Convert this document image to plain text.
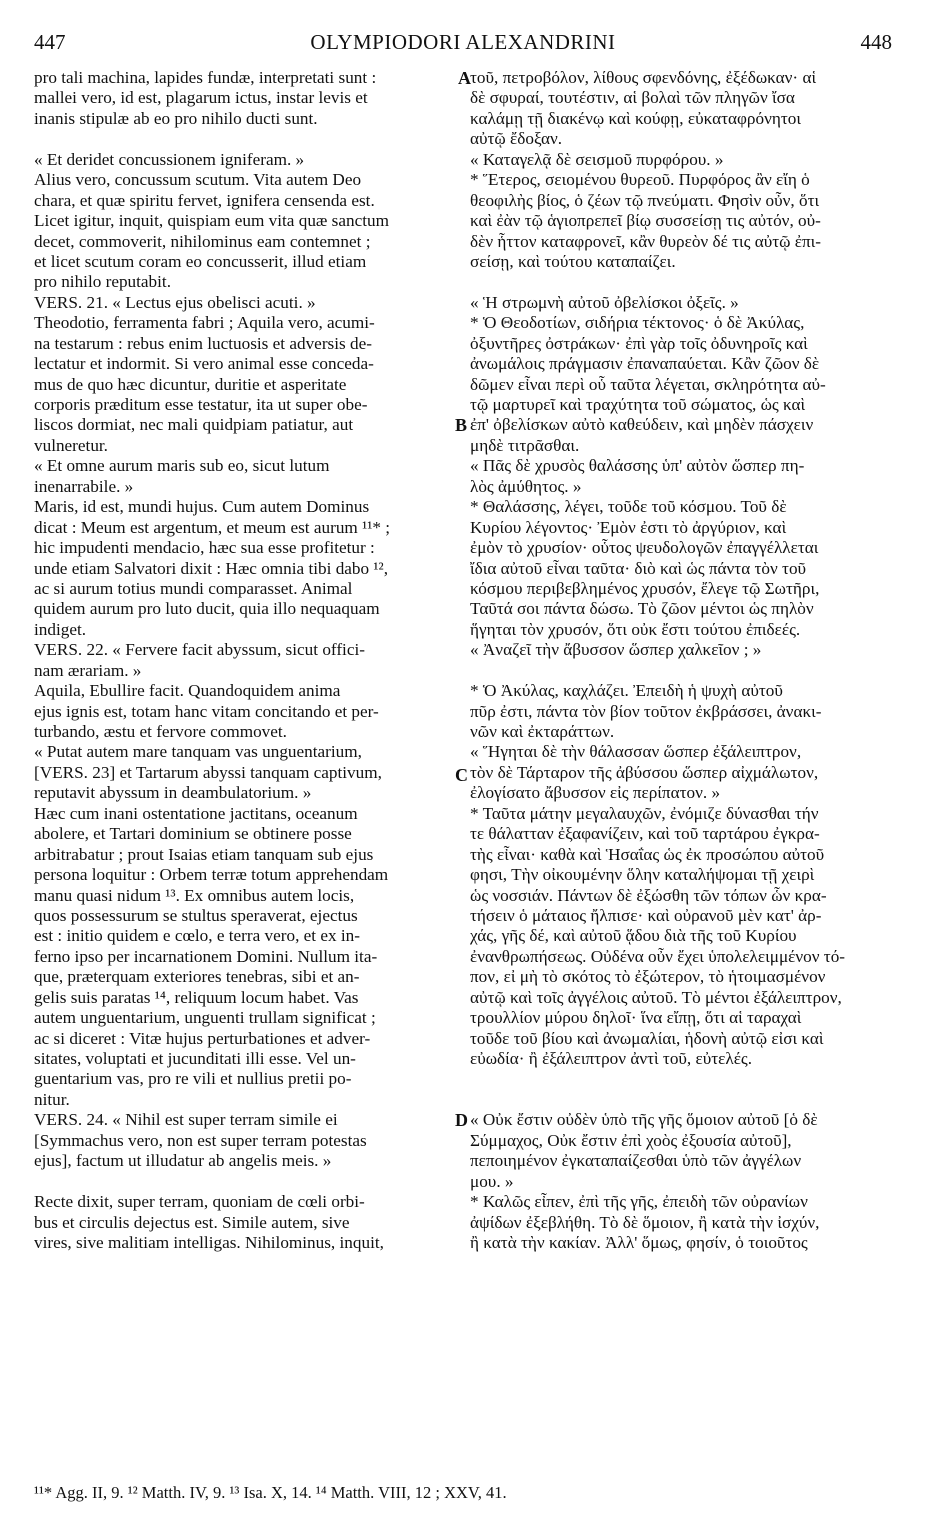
OLYMPIODORI ALEXANDRINI
447	448
pro tali machina, lapides fundæ, interpretati sunt :
mallei vero, id est, plagarum ictus, instar levis et
inanis stipulæ ab eo pro nihilo ducti sunt.
« Et deridet concussionem igniferam. »
Alius vero, concussum scutum. Vita autem Deo
chara, et quæ spiritu fervet, ignifera censenda est.
Licet igitur, inquit, quispiam eum vita quæ sanctum
decet, commoverit, nihilominus eam contemnet ;
et licet scutum coram eo concusserit, illud etiam
pro nihilo reputabit.
VERS. 21. « Lectus ejus obelisci acuti. »
Theodotio, ferramenta fabri ; Aquila vero, acumi-
na testarum : rebus enim luctuosis et adversis de-
lectatur et indormit. Si vero animal esse conceda-
mus de quo hæc dicuntur, duritie et asperitate
corporis præditum esse testatur, ita ut super obe-
liscos dormiat, nec mali quidpiam patiatur, aut
vulneretur.
« Et omne aurum maris sub eo, sicut lutum
inenarrabile. »
Maris, id est, mundi hujus. Cum autem Dominus
dicat : Meum est argentum, et meum est aurum ¹¹* ;
hic impudenti mendacio, hæc sua esse profitetur :
unde etiam Salvatori dixit : Hæc omnia tibi dabo ¹²,
ac si aurum totius mundi comparasset. Animal
quidem aurum pro luto ducit, quia illo nequaquam
indiget.
VERS. 22. « Fervere facit abyssum, sicut offici-
nam ærariam. »
Aquila, Ebullire facit. Quandoquidem anima
ejus ignis est, totam hanc vitam concitando et per-
turbando, æstu et fervore commovet.
« Putat autem mare tanquam vas unguentarium,
[VERS. 23] et Tartarum abyssi tanquam captivum,
reputavit abyssum in deambulatorium. »
Hæc cum inani ostentatione jactitans, oceanum
abolere, et Tartari dominium se obtinere posse
arbitrabatur ; prout Isaias etiam tanquam sub ejus
persona loquitur : Orbem terræ totum apprehendam
manu quasi nidum ¹³. Ex omnibus autem locis,
quos possessurum se stultus speraverat, ejectus
est : initio quidem e cœlo, e terra vero, et ex in-
ferno ipso per incarnationem Domini. Nullum ita-
que, præterquam exteriores tenebras, sibi et an-
gelis suis paratas ¹⁴, reliquum locum habet. Vas
autem unguentarium, unguenti trullam significat ;
ac si diceret : Vitæ hujus perturbationes et adver-
sitates, voluptati et jucunditati illi esse. Vel un-
guentarium vas, pro re vili et nullius pretii po-
nitur.
VERS. 24. « Nihil est super terram simile ei
[Symmachus vero, non est super terram potestas
ejus], factum ut illudatur ab angelis meis. »
Recte dixit, super terram, quoniam de cœli orbi-
bus et circulis dejectus est. Simile autem, sive
vires, sive malitiam intelligas. Nihilominus, inquit,
τοῦ, πετροβόλον, λίθους σφενδόνης, ἐξέδωκαν· αἱ
δὲ σφυραί, τουτέστιν, αἱ βολαὶ τῶν πληγῶν ἴσα
καλάμῃ τῇ διακένῳ καὶ κούφῃ, εὐκαταφρόνητοι
αὐτῷ ἔδοξαν.
« Καταγελᾷ δὲ σεισμοῦ πυρφόρου. »
* Ἕτερος, σειομένου θυρεοῦ. Πυρφόρος ἂν εἴη ὁ
θεοφιλὴς βίος, ὁ ζέων τῷ πνεύματι. Φησὶν οὖν, ὅτι
καὶ ἐὰν τῷ ἁγιοπρεπεῖ βίῳ συσσείσῃ τις αὐτόν, οὐ-
δὲν ἧττον καταφρονεῖ, κἂν θυρεὸν δέ τις αὐτῷ ἐπι-
σείσῃ, καὶ τούτου καταπαίζει.
« Ἡ στρωμνὴ αὐτοῦ ὀβελίσκοι ὀξεῖς. »
* Ὁ Θεοδοτίων, σιδήρια τέκτονος· ὁ δὲ Ἀκύλας,
ὀξυντῆρες ὀστράκων· ἐπὶ γὰρ τοῖς ὀδυνηροῖς καὶ
ἀνωμάλοις πράγμασιν ἐπαναπαύεται. Κἂν ζῶον δὲ
δῶμεν εἶναι περὶ οὗ ταῦτα λέγεται, σκληρότητα αὐ-
τῷ μαρτυρεῖ καὶ τραχύτητα τοῦ σώματος, ὡς καὶ
ἐπ' ὀβελίσκων αὐτὸ καθεύδειν, καὶ μηδὲν πάσχειν
μηδὲ τιτρᾶσθαι.
« Πᾶς δὲ χρυσὸς θαλάσσης ὑπ' αὐτὸν ὥσπερ πη-
λὸς ἀμύθητος. »
* Θαλάσσης, λέγει, τοῦδε τοῦ κόσμου. Τοῦ δὲ
Κυρίου λέγοντος· Ἐμὸν ἐστι τὸ ἀργύριον, καὶ
ἐμὸν τὸ χρυσίον· οὗτος ψευδολογῶν ἐπαγγέλλεται
ἴδια αὐτοῦ εἶναι ταῦτα· διὸ καὶ ὡς πάντα τὸν τοῦ
κόσμου περιβεβλημένος χρυσόν, ἔλεγε τῷ Σωτῆρι,
Ταῦτά σοι πάντα δώσω. Τὸ ζῶον μέντοι ὡς πηλὸν
ἥγηται τὸν χρυσόν, ὅτι οὐκ ἔστι τούτου ἐπιδεές.
« Ἀναζεῖ τὴν ἄβυσσον ὥσπερ χαλκεῖον ; »
* Ὁ Ἀκύλας, καχλάζει. Ἐπειδὴ ἡ ψυχὴ αὐτοῦ
πῦρ ἐστι, πάντα τὸν βίον τοῦτον ἐκβράσσει, ἀνακι-
νῶν καὶ ἐκταράττων.
« Ἥγηται δὲ τὴν θάλασσαν ὥσπερ ἐξάλειπτρον,
τὸν δὲ Τάρταρον τῆς ἀβύσσου ὥσπερ αἰχμάλωτον,
ἐλογίσατο ἄβυσσον εἰς περίπατον. »
* Ταῦτα μάτην μεγαλαυχῶν, ἐνόμιζε δύνασθαι τήν
τε θάλατταν ἐξαφανίζειν, καὶ τοῦ ταρτάρου ἐγκρα-
τὴς εἶναι· καθὰ καὶ Ἡσαΐας ὡς ἐκ προσώπου αὐτοῦ
φησι, Τὴν οἰκουμένην ὅλην καταλήψομαι τῇ χειρὶ
ὡς νοσσιάν. Πάντων δὲ ἐξώσθη τῶν τόπων ὧν κρα-
τήσειν ὁ μάταιος ἤλπισε· καὶ οὐρανοῦ μὲν κατ' ἀρ-
χάς, γῆς δέ, καὶ αὐτοῦ ᾅδου διὰ τῆς τοῦ Κυρίου
ἐνανθρωπήσεως. Οὐδένα οὖν ἔχει ὑπολελειμμένον τό-
πον, εἰ μὴ τὸ σκότος τὸ ἐξώτερον, τὸ ἡτοιμασμένον
αὐτῷ καὶ τοῖς ἀγγέλοις αὐτοῦ. Τὸ μέντοι ἐξάλειπτρον,
τρουλλίον μύρου δηλοῖ· ἵνα εἴπῃ, ὅτι αἱ ταραχαὶ
τοῦδε τοῦ βίου καὶ ἀνωμαλίαι, ἡδονὴ αὐτῷ εἰσι καὶ
εὐωδία· ἢ ἐξάλειπτρον ἀντὶ τοῦ, εὐτελές.
« Οὐκ ἔστιν οὐδὲν ὑπὸ τῆς γῆς ὅμοιον αὐτοῦ [ὁ δὲ
Σύμμαχος, Οὐκ ἔστιν ἐπὶ χοὸς ἐξουσία αὐτοῦ],
πεποιημένον ἐγκαταπαίζεσθαι ὑπὸ τῶν ἀγγέλων
μου. »
* Καλῶς εἶπεν, ἐπὶ τῆς γῆς, ἐπειδὴ τῶν οὐρανίων
ἀψίδων ἐξεβλήθη. Τὸ δὲ ὅμοιον, ἢ κατὰ τὴν ἰσχύν,
ἢ κατὰ τὴν κακίαν. Ἀλλ' ὅμως, φησίν, ὁ τοιοῦτος
A
B
C
D
¹¹* Agg. II, 9. ¹² Matth. IV, 9. ¹³ Isa. X, 14. ¹⁴ Matth. VIII, 12 ; XXV, 41.
